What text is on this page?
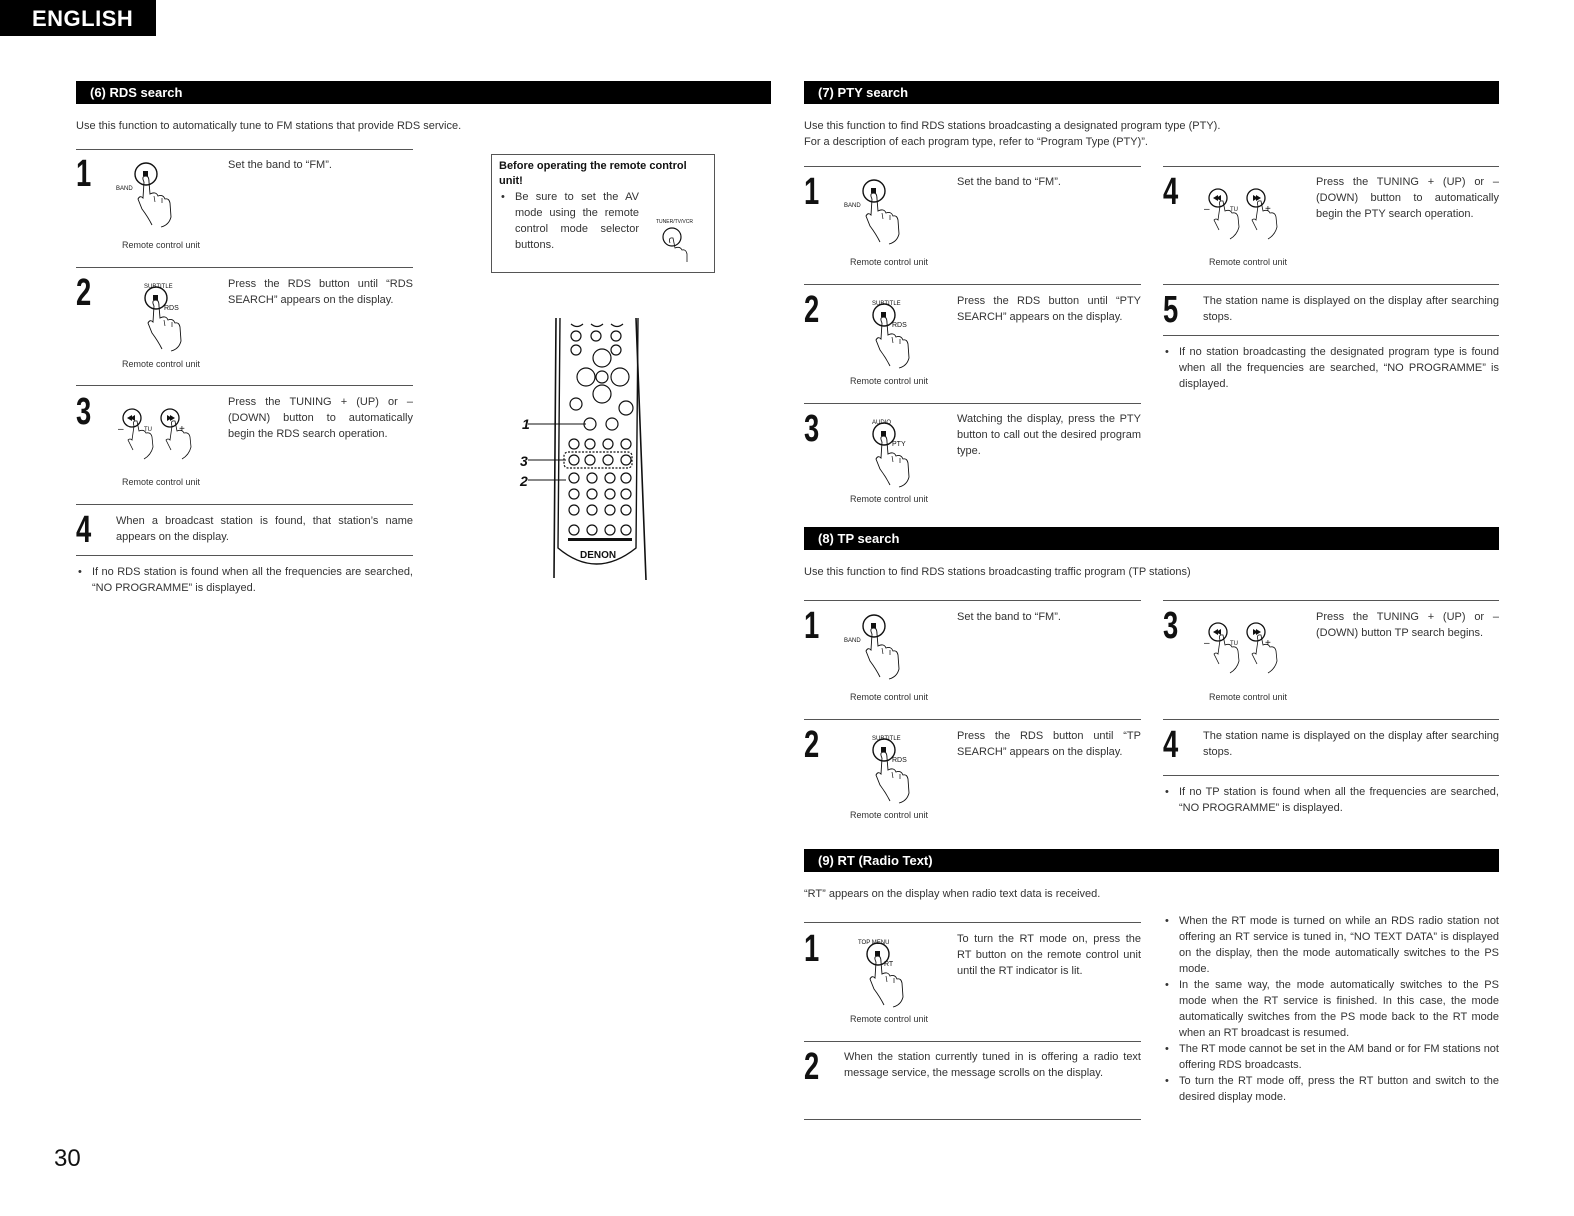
ENGLISH
(6) RDS search
Use this function to automatically tune to FM stations that provide RDS service.
1	BAND
Remote control unit
Set the band to “FM”.
2	SUBTITLE
RDS
Remote control unit
Press the RDS button until “RDS SEARCH” appears on the display.
3
Remote control unit
Press the TUNING + (UP) or – (DOWN) button to automatically begin the RDS search operation.
4 When a broadcast station is found, that station’s name appears on the display.
• If no RDS station is found when all the frequencies are searched, “NO PROGRAMME” is displayed.
Before operating the remote control unit!
• Be sure to set the AV mode using the remote control mode selector buttons.
TUNER/TV/VCR
DENON
1
3
2
(7) PTY search
Use this function to find RDS stations broadcasting a designated program type (PTY).
For a description of each program type, refer to “Program Type (PTY)”.
1	BAND
Remote control unit
Set the band to “FM”.
2	SUBTITLE
RDS
Remote control unit
Press the RDS button until “PTY SEARCH” appears on the display.
3	AUDIO
PTY
Remote control unit
Watching the display, press the PTY button to call out the desired program type.
4
Remote control unit
Press the TUNING + (UP) or – (DOWN) button to automatically begin the PTY search operation.
5 The station name is displayed on the display after searching stops.
• If no station broadcasting the designated program type is found when all the frequencies are searched, “NO PROGRAMME” is displayed.
(8) TP search
Use this function to find RDS stations broadcasting traffic program (TP stations)
1	BAND
Remote control unit
Set the band to “FM”.
2	SUBTITLE
RDS
Remote control unit
Press the RDS button until “TP SEARCH” appears on the display.
3
Remote control unit
Press the TUNING + (UP) or – (DOWN) button TP search begins.
4 The station name is displayed on the display after searching stops.
• If no TP station is found when all the frequencies are searched, “NO PROGRAMME” is displayed.
(9) RT (Radio Text)
“RT” appears on the display when radio text data is received.
1	TOP MENU
RT
Remote control unit
To turn the RT mode on, press the RT button on the remote control unit until the RT indicator is lit.
2 When the station currently tuned in is offering a radio text message service, the message scrolls on the display.
• When the RT mode is turned on while an RDS radio station not offering an RT service is tuned in, “NO TEXT DATA” is displayed on the display, then the mode automatically switches to the PS mode.
• In the same way, the mode automatically switches to the PS mode when the RT service is finished. In this case, the mode automatically switches from the PS mode back to the RT mode when an RT broadcast is resumed.
• The RT mode cannot be set in the AM band or for FM stations not offering RDS broadcasts.
• To turn the RT mode off, press the RT button and switch to the desired display mode.
30
